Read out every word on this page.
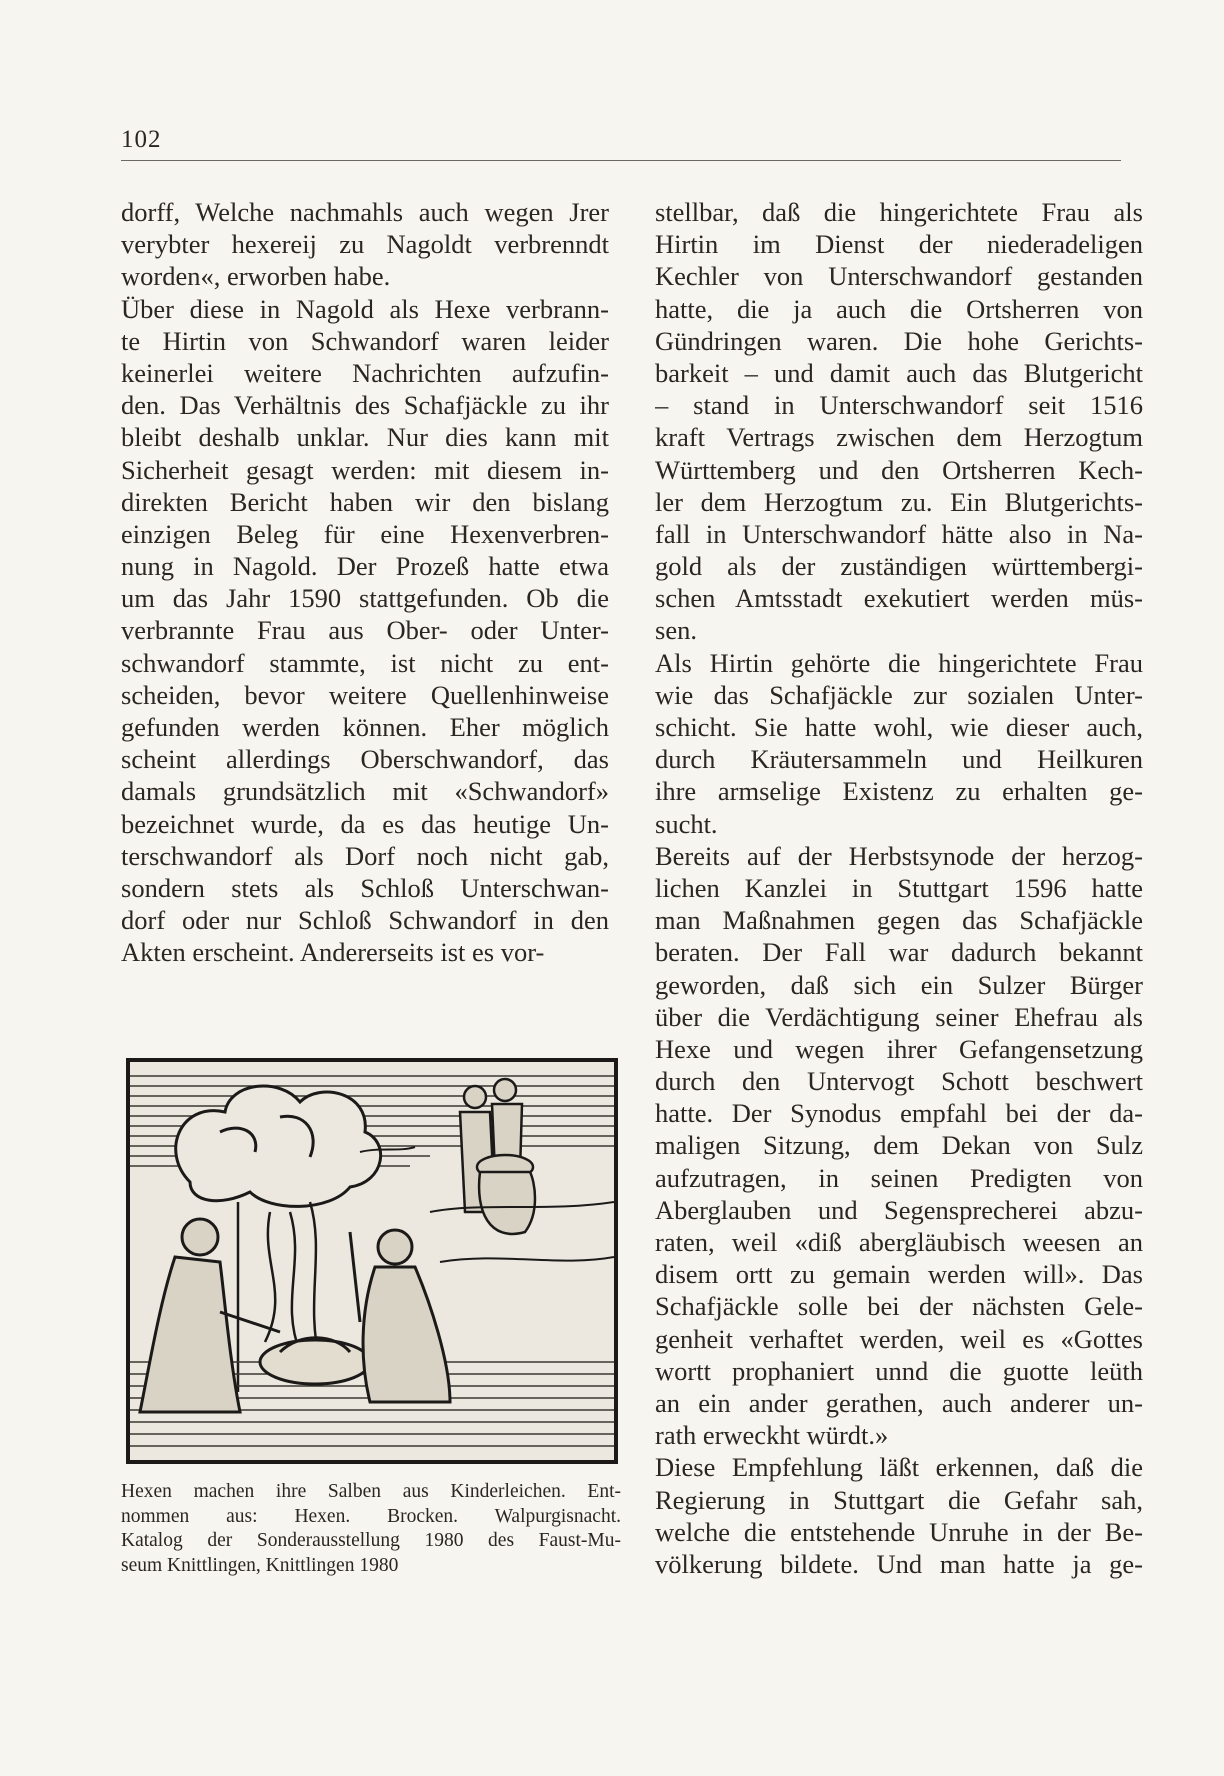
102
dorff, Welche nachmahls auch wegen Jrer
verybter hexereij zu Nagoldt verbrenndt
worden«, erworben habe.
Über diese in Nagold als Hexe verbrann-
te Hirtin von Schwandorf waren leider
keinerlei weitere Nachrichten aufzufin-
den. Das Verhältnis des Schafjäckle zu ihr
bleibt deshalb unklar. Nur dies kann mit
Sicherheit gesagt werden: mit diesem in-
direkten Bericht haben wir den bislang
einzigen Beleg für eine Hexenverbren-
nung in Nagold. Der Prozeß hatte etwa
um das Jahr 1590 stattgefunden. Ob die
verbrannte Frau aus Ober- oder Unter-
schwandorf stammte, ist nicht zu ent-
scheiden, bevor weitere Quellenhinweise
gefunden werden können. Eher möglich
scheint allerdings Oberschwandorf, das
damals grundsätzlich mit «Schwandorf»
bezeichnet wurde, da es das heutige Un-
terschwandorf als Dorf noch nicht gab,
sondern stets als Schloß Unterschwan-
dorf oder nur Schloß Schwandorf in den
Akten erscheint. Andererseits ist es vor-
Hexen machen ihre Salben aus Kinderleichen. Ent-
nommen aus: Hexen. Brocken. Walpurgisnacht.
Katalog der Sonderausstellung 1980 des Faust-Mu-
seum Knittlingen, Knittlingen 1980
stellbar, daß die hingerichtete Frau als
Hirtin im Dienst der niederadeligen
Kechler von Unterschwandorf gestanden
hatte, die ja auch die Ortsherren von
Gündringen waren. Die hohe Gerichts-
barkeit – und damit auch das Blutgericht
– stand in Unterschwandorf seit 1516
kraft Vertrags zwischen dem Herzogtum
Württemberg und den Ortsherren Kech-
ler dem Herzogtum zu. Ein Blutgerichts-
fall in Unterschwandorf hätte also in Na-
gold als der zuständigen württembergi-
schen Amtsstadt exekutiert werden müs-
sen.
Als Hirtin gehörte die hingerichtete Frau
wie das Schafjäckle zur sozialen Unter-
schicht. Sie hatte wohl, wie dieser auch,
durch Kräutersammeln und Heilkuren
ihre armselige Existenz zu erhalten ge-
sucht.
Bereits auf der Herbstsynode der herzog-
lichen Kanzlei in Stuttgart 1596 hatte
man Maßnahmen gegen das Schafjäckle
beraten. Der Fall war dadurch bekannt
geworden, daß sich ein Sulzer Bürger
über die Verdächtigung seiner Ehefrau als
Hexe und wegen ihrer Gefangensetzung
durch den Untervogt Schott beschwert
hatte. Der Synodus empfahl bei der da-
maligen Sitzung, dem Dekan von Sulz
aufzutragen, in seinen Predigten von
Aberglauben und Segensprecherei abzu-
raten, weil «diß abergläubisch weesen an
disem ortt zu gemain werden will». Das
Schafjäckle solle bei der nächsten Gele-
genheit verhaftet werden, weil es «Gottes
wortt prophaniert unnd die guotte leüth
an ein ander gerathen, auch anderer un-
rath erweckht würdt.»
Diese Empfehlung läßt erkennen, daß die
Regierung in Stuttgart die Gefahr sah,
welche die entstehende Unruhe in der Be-
völkerung bildete. Und man hatte ja ge-
